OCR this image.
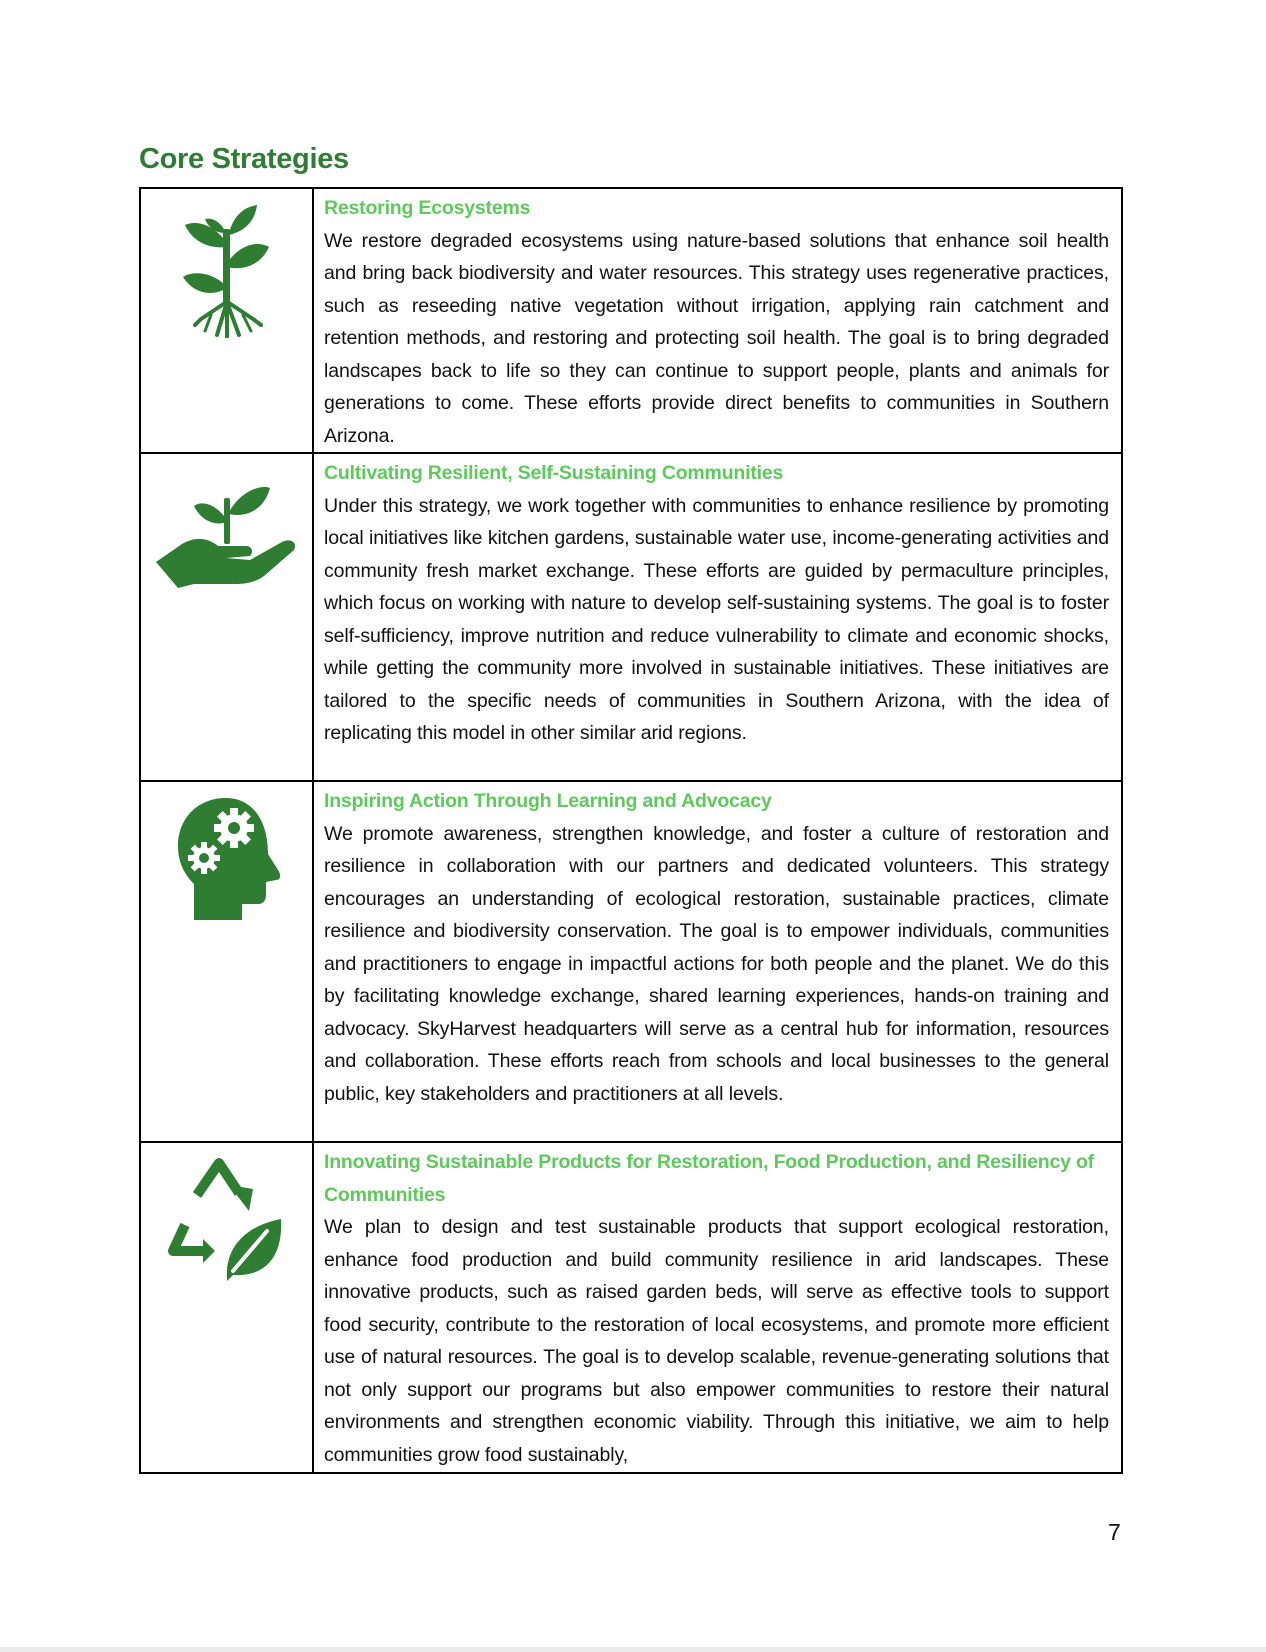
Core Strategies

Restoring Ecosystems
We restore degraded ecosystems using nature-based solutions that enhance soil health and bring back biodiversity and water resources. This strategy uses regenerative practices, such as reseeding native vegetation without irrigation, applying rain catchment and retention methods, and restoring and protecting soil health. The goal is to bring degraded landscapes back to life so they can continue to support people, plants and animals for generations to come. These efforts provide direct benefits to communities in Southern Arizona.

Cultivating Resilient, Self-Sustaining Communities
Under this strategy, we work together with communities to enhance resilience by promoting local initiatives like kitchen gardens, sustainable water use, income-generating activities and community fresh market exchange. These efforts are guided by permaculture principles, which focus on working with nature to develop self-sustaining systems. The goal is to foster self-sufficiency, improve nutrition and reduce vulnerability to climate and economic shocks, while getting the community more involved in sustainable initiatives. These initiatives are tailored to the specific needs of communities in Southern Arizona, with the idea of replicating this model in other similar arid regions.

Inspiring Action Through Learning and Advocacy
We promote awareness, strengthen knowledge, and foster a culture of restoration and resilience in collaboration with our partners and dedicated volunteers. This strategy encourages an understanding of ecological restoration, sustainable practices, climate resilience and biodiversity conservation. The goal is to empower individuals, communities and practitioners to engage in impactful actions for both people and the planet. We do this by facilitating knowledge exchange, shared learning experiences, hands-on training and advocacy. SkyHarvest headquarters will serve as a central hub for information, resources and collaboration. These efforts reach from schools and local businesses to the general public, key stakeholders and practitioners at all levels.

Innovating Sustainable Products for Restoration, Food Production, and Resiliency of Communities
We plan to design and test sustainable products that support ecological restoration, enhance food production and build community resilience in arid landscapes. These innovative products, such as raised garden beds, will serve as effective tools to support food security, contribute to the restoration of local ecosystems, and promote more efficient use of natural resources. The goal is to develop scalable, revenue-generating solutions that not only support our programs but also empower communities to restore their natural environments and strengthen economic viability. Through this initiative, we aim to help communities grow food sustainably,
7
